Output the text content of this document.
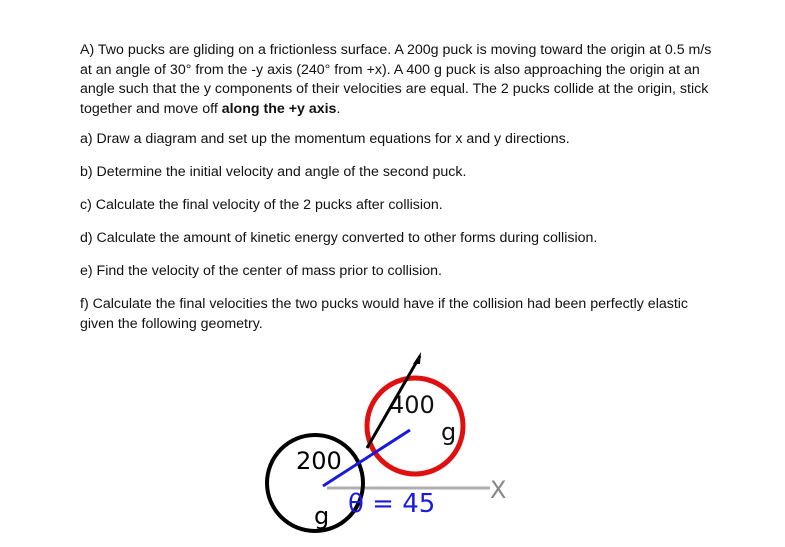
A) Two pucks are gliding on a frictionless surface. A 200g puck is moving toward the origin at 0.5 m/s at an angle of 30° from the -y axis (240° from +x). A 400 g puck is also approaching the origin at an angle such that the y components of their velocities are equal. The 2 pucks collide at the origin, stick together and move off along the +y axis.

a) Draw a diagram and set up the momentum equations for x and y directions.

b) Determine the initial velocity and angle of the second puck.

c) Calculate the final velocity of the 2 pucks after collision.

d) Calculate the amount of kinetic energy converted to other forms during collision.

e) Find the velocity of the center of mass prior to collision.

f) Calculate the final velocities the two pucks would have if the collision had been perfectly elastic given the following geometry.

X
200
g
400
g
θ = 45
